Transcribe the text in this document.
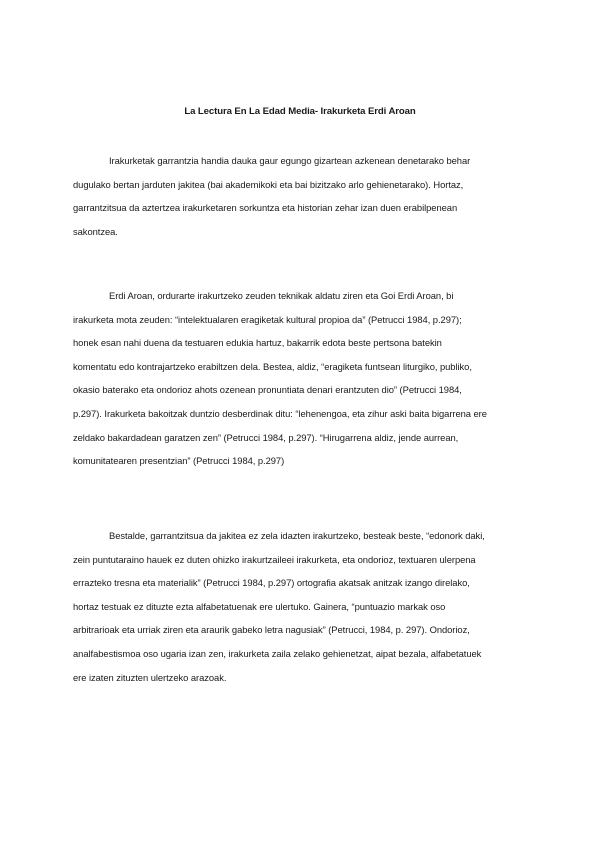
La Lectura En La Edad Media- Irakurketa Erdi Aroan
Irakurketak garrantzia handia dauka gaur egungo gizartean azkenean denetarako behar
dugulako bertan jarduten jakitea (bai akademikoki eta bai bizitzako arlo gehienetarako). Hortaz,
garrantzitsua da aztertzea irakurketaren sorkuntza eta historian zehar izan duen erabilpenean
sakontzea.
Erdi Aroan, ordurarte irakurtzeko zeuden teknikak aldatu ziren eta Goi Erdi Aroan, bi
irakurketa mota zeuden: “intelektualaren eragiketak kultural propioa da” (Petrucci 1984, p.297);
honek esan nahi duena da testuaren edukia hartuz, bakarrik edota beste pertsona batekin
komentatu edo kontrajartzeko erabiltzen dela. Bestea, aldiz, “eragiketa funtsean liturgiko, publiko,
okasio baterako eta ondorioz ahots ozenean pronuntiata denari erantzuten dio” (Petrucci 1984,
p.297). Irakurketa bakoitzak duntzio desberdinak ditu: “lehenengoa, eta zihur aski baita bigarrena ere
zeldako bakardadean garatzen zen” (Petrucci 1984, p.297). “Hirugarrena aldiz, jende aurrean,
komunitatearen presentzian” (Petrucci 1984, p.297)
Bestalde, garrantzitsua da jakitea ez zela idazten irakurtzeko, besteak beste, “edonork daki,
zein puntutaraino hauek ez duten ohizko irakurtzaileei irakurketa, eta ondorioz, textuaren ulerpena
errazteko tresna eta materialik” (Petrucci 1984, p.297) ortografia akatsak anitzak izango direlako,
hortaz testuak ez dituzte ezta alfabetatuenak ere ulertuko. Gainera, “puntuazio markak oso
arbitrarioak eta urriak ziren eta araurik gabeko letra nagusiak” (Petrucci, 1984, p. 297). Ondorioz,
analfabestismoa oso ugaria izan zen, irakurketa zaila zelako gehienetzat, aipat bezala, alfabetatuek
ere izaten zituzten ulertzeko arazoak.
